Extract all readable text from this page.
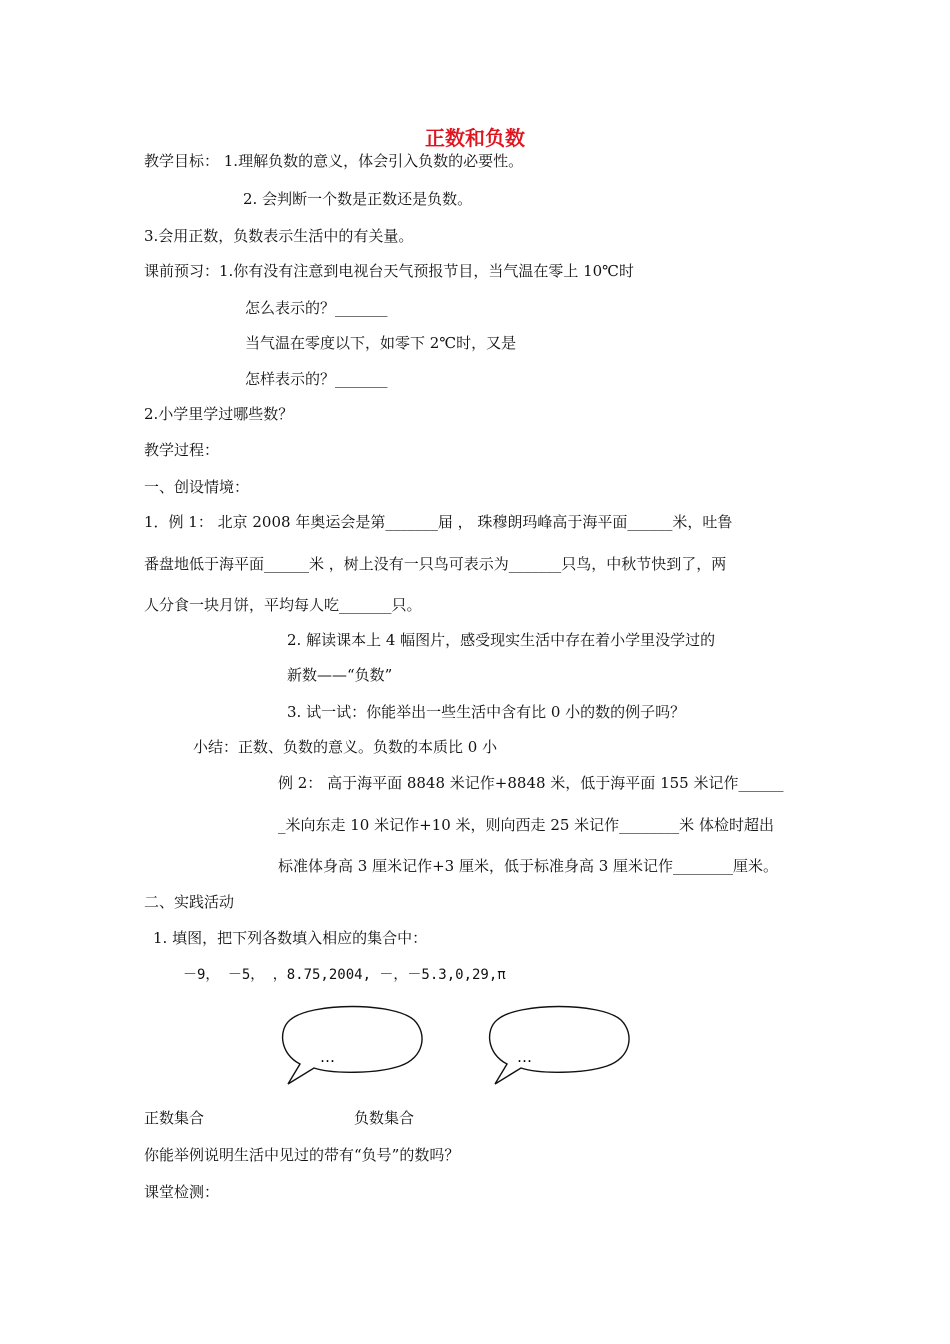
正数和负数
教学目标： 1.理解负数的意义，体会引入负数的必要性。
2. 会判断一个数是正数还是负数。
3.会用正数，负数表示生活中的有关量。
课前预习：1.你有没有注意到电视台天气预报节目，当气温在零上 10℃时
怎么表示的？_______
当气温在零度以下，如零下 2℃时，又是
怎样表示的？_______
2.小学里学过哪些数？
教学过程：
一、创设情境：
1．例 1： 北京 2008 年奥运会是第_______届 ， 珠穆朗玛峰高于海平面______米，吐鲁
番盘地低于海平面______米 ，树上没有一只鸟可表示为_______只鸟，中秋节快到了，两
人分食一块月饼，平均每人吃_______只。
2. 解读课本上 4 幅图片，感受现实生活中存在着小学里没学过的
新数——“负数”
3. 试一试：你能举出一些生活中含有比 0 小的数的例子吗？
小结：正数、负数的意义。负数的本质比 0 小
例 2： 高于海平面 8848 米记作+8848 米，低于海平面 155 米记作______
_米向东走 10 米记作+10 米，则向西走 25 米记作________米 体检时超出
标准体身高 3 厘米记作+3 厘米，低于标准身高 3 厘米记作________厘米。
二、实践活动
1. 填图，把下列各数填入相应的集合中：
－9， －5， ，8.75,2004, －，－5.3,0,29,π
…	…
正数集合	负数集合
你能举例说明生活中见过的带有“负号”的数吗？
课堂检测：
